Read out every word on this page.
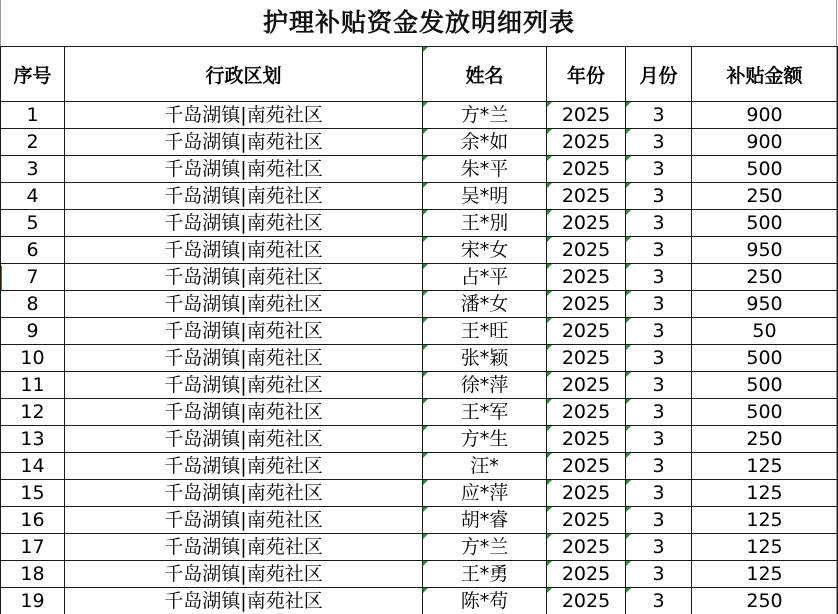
护理补贴资金发放明细列表
序号	行政区划	姓名	年份	月份	补贴金额
1	千岛湖镇|南苑社区	方*兰	2025	3	900
2	千岛湖镇|南苑社区	余*如	2025	3	900
3	千岛湖镇|南苑社区	朱*平	2025	3	500
4	千岛湖镇|南苑社区	吴*明	2025	3	250
5	千岛湖镇|南苑社区	王*別	2025	3	500
6	千岛湖镇|南苑社区	宋*女	2025	3	950
7	千岛湖镇|南苑社区	占*平	2025	3	250
8	千岛湖镇|南苑社区	潘*女	2025	3	950
9	千岛湖镇|南苑社区	王*旺	2025	3	50
10	千岛湖镇|南苑社区	张*颖	2025	3	500
11	千岛湖镇|南苑社区	徐*萍	2025	3	500
12	千岛湖镇|南苑社区	王*军	2025	3	500
13	千岛湖镇|南苑社区	方*生	2025	3	250
14	千岛湖镇|南苑社区	汪*	2025	3	125
15	千岛湖镇|南苑社区	应*萍	2025	3	125
16	千岛湖镇|南苑社区	胡*睿	2025	3	125
17	千岛湖镇|南苑社区	方*兰	2025	3	125
18	千岛湖镇|南苑社区	王*勇	2025	3	125
19	千岛湖镇|南苑社区	陈*苟	2025	3	250
